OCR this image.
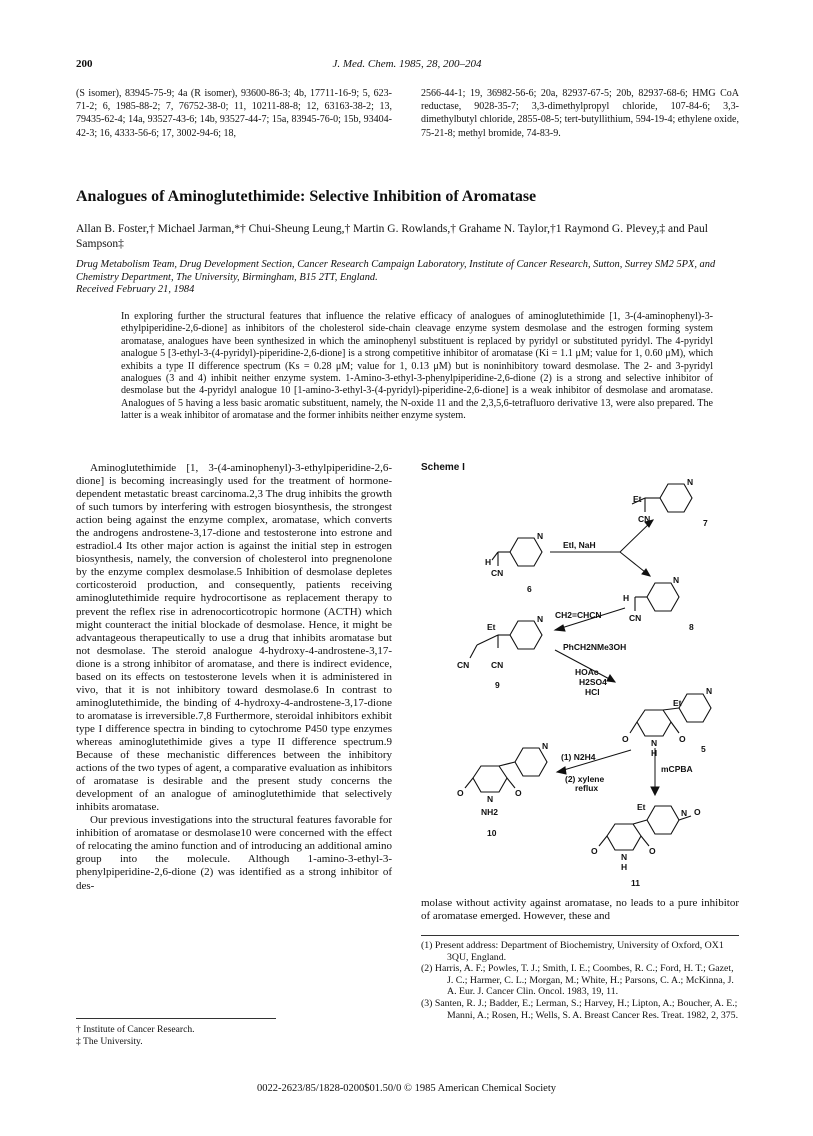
200	J. Med. Chem. 1985, 28, 200–204
(S isomer), 83945-75-9; 4a (R isomer), 93600-86-3; 4b, 17711-16-9; 5, 623-71-2; 6, 1985-88-2; 7, 76752-38-0; 11, 10211-88-8; 12, 63163-38-2; 13, 79435-62-4; 14a, 93527-43-6; 14b, 93527-44-7; 15a, 83945-76-0; 15b, 93404-42-3; 16, 4333-56-6; 17, 3002-94-6; 18,
2566-44-1; 19, 36982-56-6; 20a, 82937-67-5; 20b, 82937-68-6; HMG CoA reductase, 9028-35-7; 3,3-dimethylpropyl chloride, 107-84-6; 3,3-dimethylbutyl chloride, 2855-08-5; tert-butyllithium, 594-19-4; ethylene oxide, 75-21-8; methyl bromide, 74-83-9.
Analogues of Aminoglutethimide: Selective Inhibition of Aromatase
Allan B. Foster,† Michael Jarman,*† Chui-Sheung Leung,† Martin G. Rowlands,† Grahame N. Taylor,†1 Raymond G. Plevey,‡ and Paul Sampson‡
Drug Metabolism Team, Drug Development Section, Cancer Research Campaign Laboratory, Institute of Cancer Research, Sutton, Surrey SM2 5PX, and Chemistry Department, The University, Birmingham, B15 2TT, England.
Received February 21, 1984
In exploring further the structural features that influence the relative efficacy of analogues of aminoglutethimide [1, 3-(4-aminophenyl)-3-ethylpiperidine-2,6-dione] as inhibitors of the cholesterol side-chain cleavage enzyme system desmolase and the estrogen forming system aromatase, analogues have been synthesized in which the aminophenyl substituent is replaced by pyridyl or substituted pyridyl. The 4-pyridyl analogue 5 [3-ethyl-3-(4-pyridyl)-piperidine-2,6-dione] is a strong competitive inhibitor of aromatase (Ki = 1.1 μM; value for 1, 0.60 μM), which exhibits a type II difference spectrum (Ks = 0.28 μM; value for 1, 0.13 μM) but is noninhibitory toward desmolase. The 2- and 3-pyridyl analogues (3 and 4) inhibit neither enzyme system. 1-Amino-3-ethyl-3-phenylpiperidine-2,6-dione (2) is a strong and selective inhibitor of desmolase but the 4-pyridyl analogue 10 [1-amino-3-ethyl-3-(4-pyridyl)-piperidine-2,6-dione] is a weak inhibitor of desmolase and aromatase. Analogues of 5 having a less basic aromatic substituent, namely, the N-oxide 11 and the 2,3,5,6-tetrafluoro derivative 13, were also prepared. The latter is a weak inhibitor of aromatase and the former inhibits neither enzyme system.

Aminoglutethimide [1, 3-(4-aminophenyl)-3-ethylpiperidine-2,6-dione] is becoming increasingly used for the treatment of hormone-dependent metastatic breast carcinoma.2,3 The drug inhibits the growth of such tumors by interfering with estrogen biosynthesis, the strongest action being against the enzyme complex, aromatase, which converts the androgens androstene-3,17-dione and testosterone into estrone and estradiol.4 Its other major action is against the initial step in estrogen biosynthesis, namely, the conversion of cholesterol into pregnenolone by the enzyme complex desmolase.5 Inhibition of desmolase depletes corticosteroid production, and consequently, patients receiving aminoglutethimide require hydrocortisone as replacement therapy to prevent the reflex rise in adrenocorticotropic hormone (ACTH) which might counteract the initial blockade of desmolase. Hence, it might be advantageous therapeutically to use a drug that inhibits aromatase but not desmolase. The steroid analogue 4-hydroxy-4-androstene-3,17-dione is a strong inhibitor of aromatase, and there is indirect evidence, based on its effects on testosterone levels when it is administered in vivo, that it is not inhibitory toward desmolase.6 In contrast to aminoglutethimide, the binding of 4-hydroxy-4-androstene-3,17-dione to aromatase is irreversible.7,8 Furthermore, steroidal inhibitors exhibit type I difference spectra in binding to cytochrome P450 type enzymes whereas aminoglutethimide gives a type II difference spectrum.9 Because of these mechanistic differences between the inhibitory actions of the two types of agent, a comparative evaluation as inhibitors of aromatase is desirable and the present study concerns the development of an analogue of aminoglutethimide that selectively inhibits aromatase.

Our previous investigations into the structural features favorable for inhibition of aromatase or desmolase10 were concerned with the effect of relocating the amino function and of introducing an additional amino group into the molecule. Although 1-amino-3-ethyl-3-phenylpiperidine-2,6-dione (2) was identified as a strong inhibitor of des-

Scheme I
N
Et
CN	7
N
H
CN
6
EtI, NaH
N
H
CN
8
CH2=CHCN
PhCH2NMe3OH
N
Et
CN	CN
9
HOAc
H2SO4
HCl	N
Et
O	O
N
H	5
(1) N2H4
(2) xylene
reflux
mCPBA
N
O	O
N
NH2
10
N O
Et
O	O
N
H
11
molase without activity against aromatase, no leads to a pure inhibitor of aromatase emerged. However, these and

(1) Present address: Department of Biochemistry, University of Oxford, OX1 3QU, England.

(2) Harris, A. F.; Powles, T. J.; Smith, I. E.; Coombes, R. C.; Ford, H. T.; Gazet, J. C.; Harmer, C. L.; Morgan, M.; White, H.; Parsons, C. A.; McKinna, J. A. Eur. J. Cancer Clin. Oncol. 1983, 19, 11.

(3) Santen, R. J.; Badder, E.; Lerman, S.; Harvey, H.; Lipton, A.; Boucher, A. E.; Manni, A.; Rosen, H.; Wells, S. A. Breast Cancer Res. Treat. 1982, 2, 375.

† Institute of Cancer Research.
‡ The University.
0022-2623/85/1828-0200$01.50/0 © 1985 American Chemical Society
